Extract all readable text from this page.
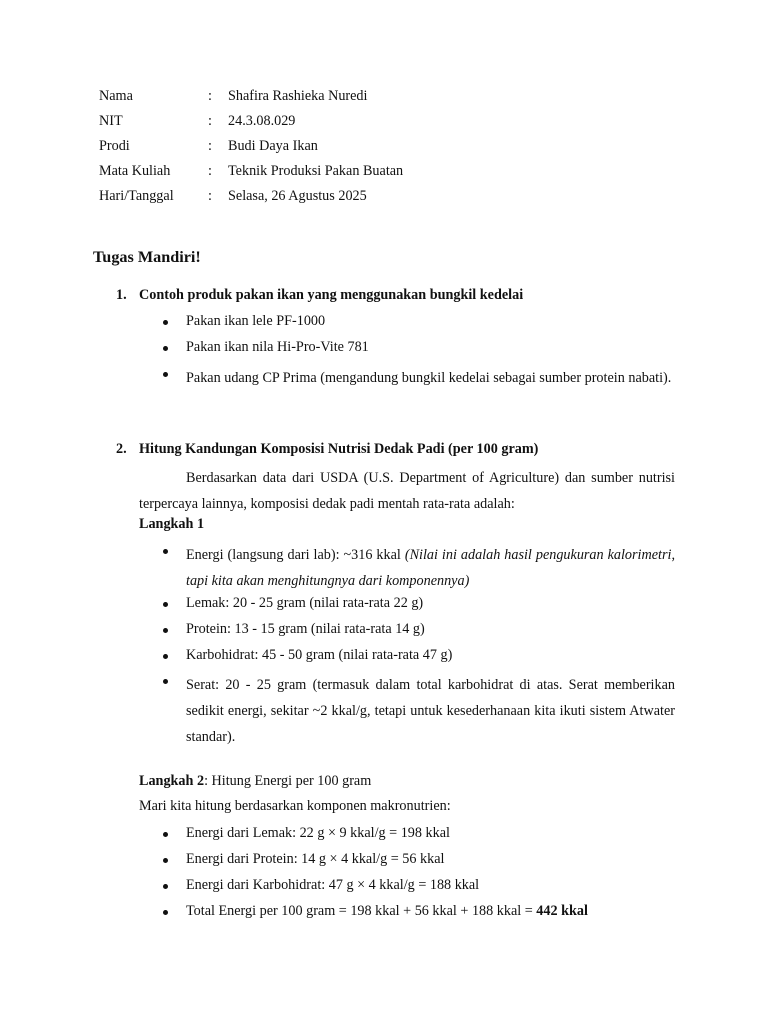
Nama	: Shafira Rashieka Nuredi
NIT	: 24.3.08.029
Prodi	: Budi Daya Ikan
Mata Kuliah	: Teknik Produksi Pakan Buatan
Hari/Tanggal : Selasa, 26 Agustus 2025
Tugas Mandiri!
1. Contoh produk pakan ikan yang menggunakan bungkil kedelai
Pakan ikan lele PF-1000
Pakan ikan nila Hi-Pro-Vite 781
Pakan udang CP Prima (mengandung bungkil kedelai sebagai sumber protein nabati).
2. Hitung Kandungan Komposisi Nutrisi Dedak Padi (per 100 gram)
Berdasarkan data dari USDA (U.S. Department of Agriculture) dan sumber nutrisi terpercaya lainnya, komposisi dedak padi mentah rata-rata adalah:
Langkah 1
Energi (langsung dari lab): ~316 kkal (Nilai ini adalah hasil pengukuran kalorimetri, tapi kita akan menghitungnya dari komponennya)
Lemak: 20 - 25 gram (nilai rata-rata 22 g)
Protein: 13 - 15 gram (nilai rata-rata 14 g)
Karbohidrat: 45 - 50 gram (nilai rata-rata 47 g)
Serat: 20 - 25 gram (termasuk dalam total karbohidrat di atas. Serat memberikan sedikit energi, sekitar ~2 kkal/g, tetapi untuk kesederhanaan kita ikuti sistem Atwater standar).
Langkah 2: Hitung Energi per 100 gram
Mari kita hitung berdasarkan komponen makronutrien:
Energi dari Lemak: 22 g × 9 kkal/g = 198 kkal
Energi dari Protein: 14 g × 4 kkal/g = 56 kkal
Energi dari Karbohidrat: 47 g × 4 kkal/g = 188 kkal
Total Energi per 100 gram = 198 kkal + 56 kkal + 188 kkal = 442 kkal
